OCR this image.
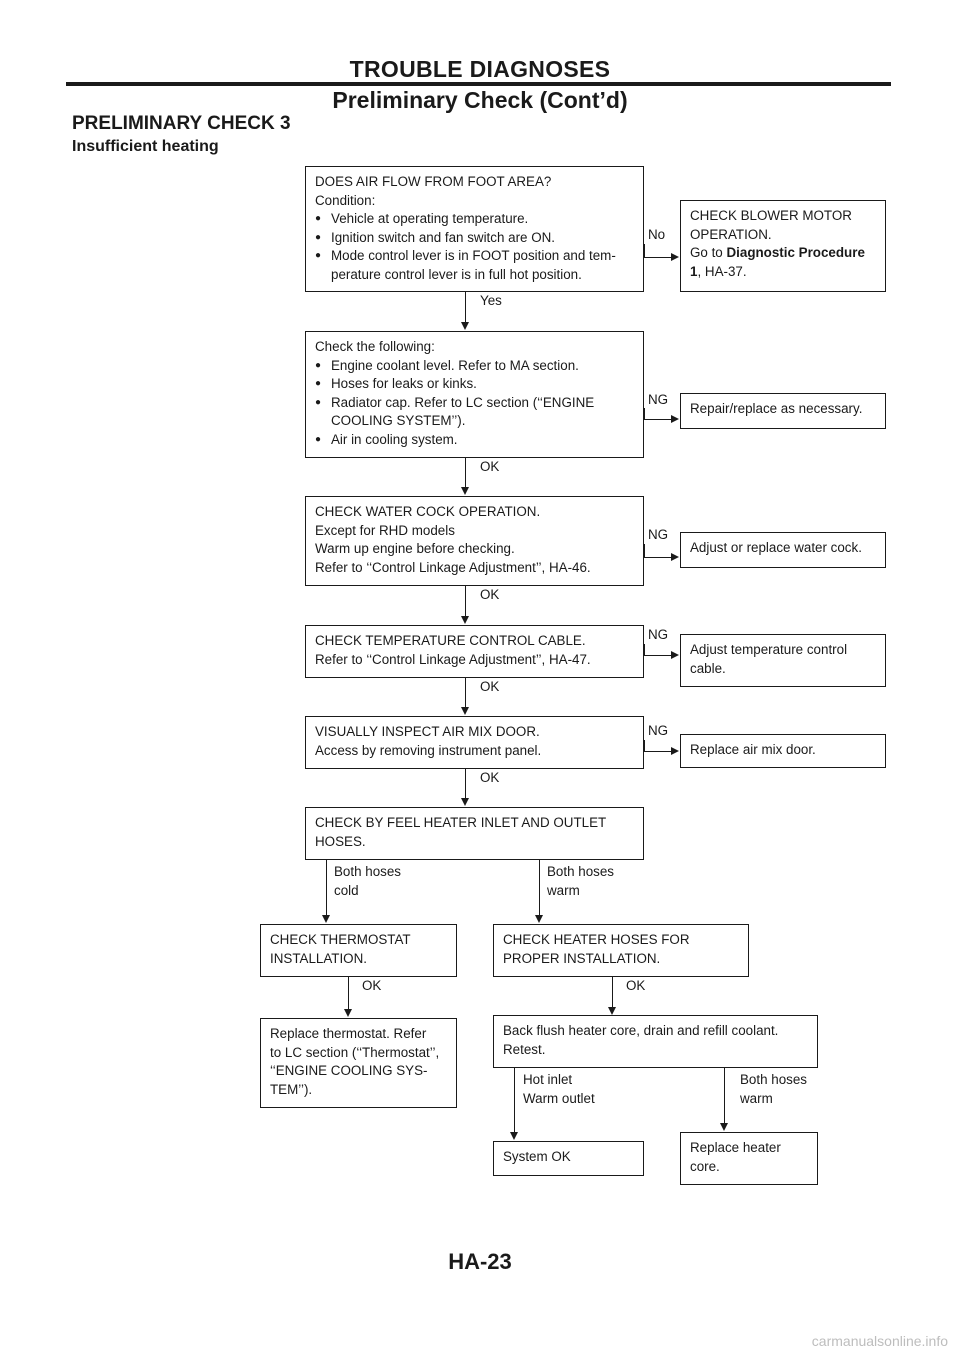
TROUBLE DIAGNOSES
Preliminary Check (Cont’d)
PRELIMINARY CHECK 3
Insufficient heating
DOES AIR FLOW FROM FOOT AREA?
Condition:
● Vehicle at operating temperature.
● Ignition switch and fan switch are ON.
● Mode control lever is in FOOT position and tem-
perature control lever is in full hot position.
CHECK BLOWER MOTOR
OPERATION.
Go to Diagnostic Procedure
1, HA-37.
No
Yes
Check the following:
● Engine coolant level. Refer to MA section.
● Hoses for leaks or kinks.
● Radiator cap. Refer to LC section (‘‘ENGINE
COOLING SYSTEM’’).
● Air in cooling system.
Repair/replace as necessary.
NG
OK
CHECK WATER COCK OPERATION.
Except for RHD models
Warm up engine before checking.
Refer to ‘‘Control Linkage Adjustment’’, HA-46.
Adjust or replace water cock.
NG
OK
CHECK TEMPERATURE CONTROL CABLE.
Refer to ‘‘Control Linkage Adjustment’’, HA-47.
Adjust temperature control
cable.
NG
OK
VISUALLY INSPECT AIR MIX DOOR.
Access by removing instrument panel.	Replace air mix door.
NG
OK
CHECK BY FEEL HEATER INLET AND OUTLET
HOSES.
Both hoses
cold
Both hoses
warm
CHECK THERMOSTAT
INSTALLATION.
CHECK HEATER HOSES FOR
PROPER INSTALLATION.
OK	OK
Replace thermostat. Refer
to LC section (‘‘Thermostat’’,
‘‘ENGINE COOLING SYS-
TEM’’).
Back flush heater core, drain and refill coolant.
Retest.
Hot inlet
Warm outlet
Both hoses
warm
System OK
Replace heater
core.
HA-23
carmanualsonline.info
